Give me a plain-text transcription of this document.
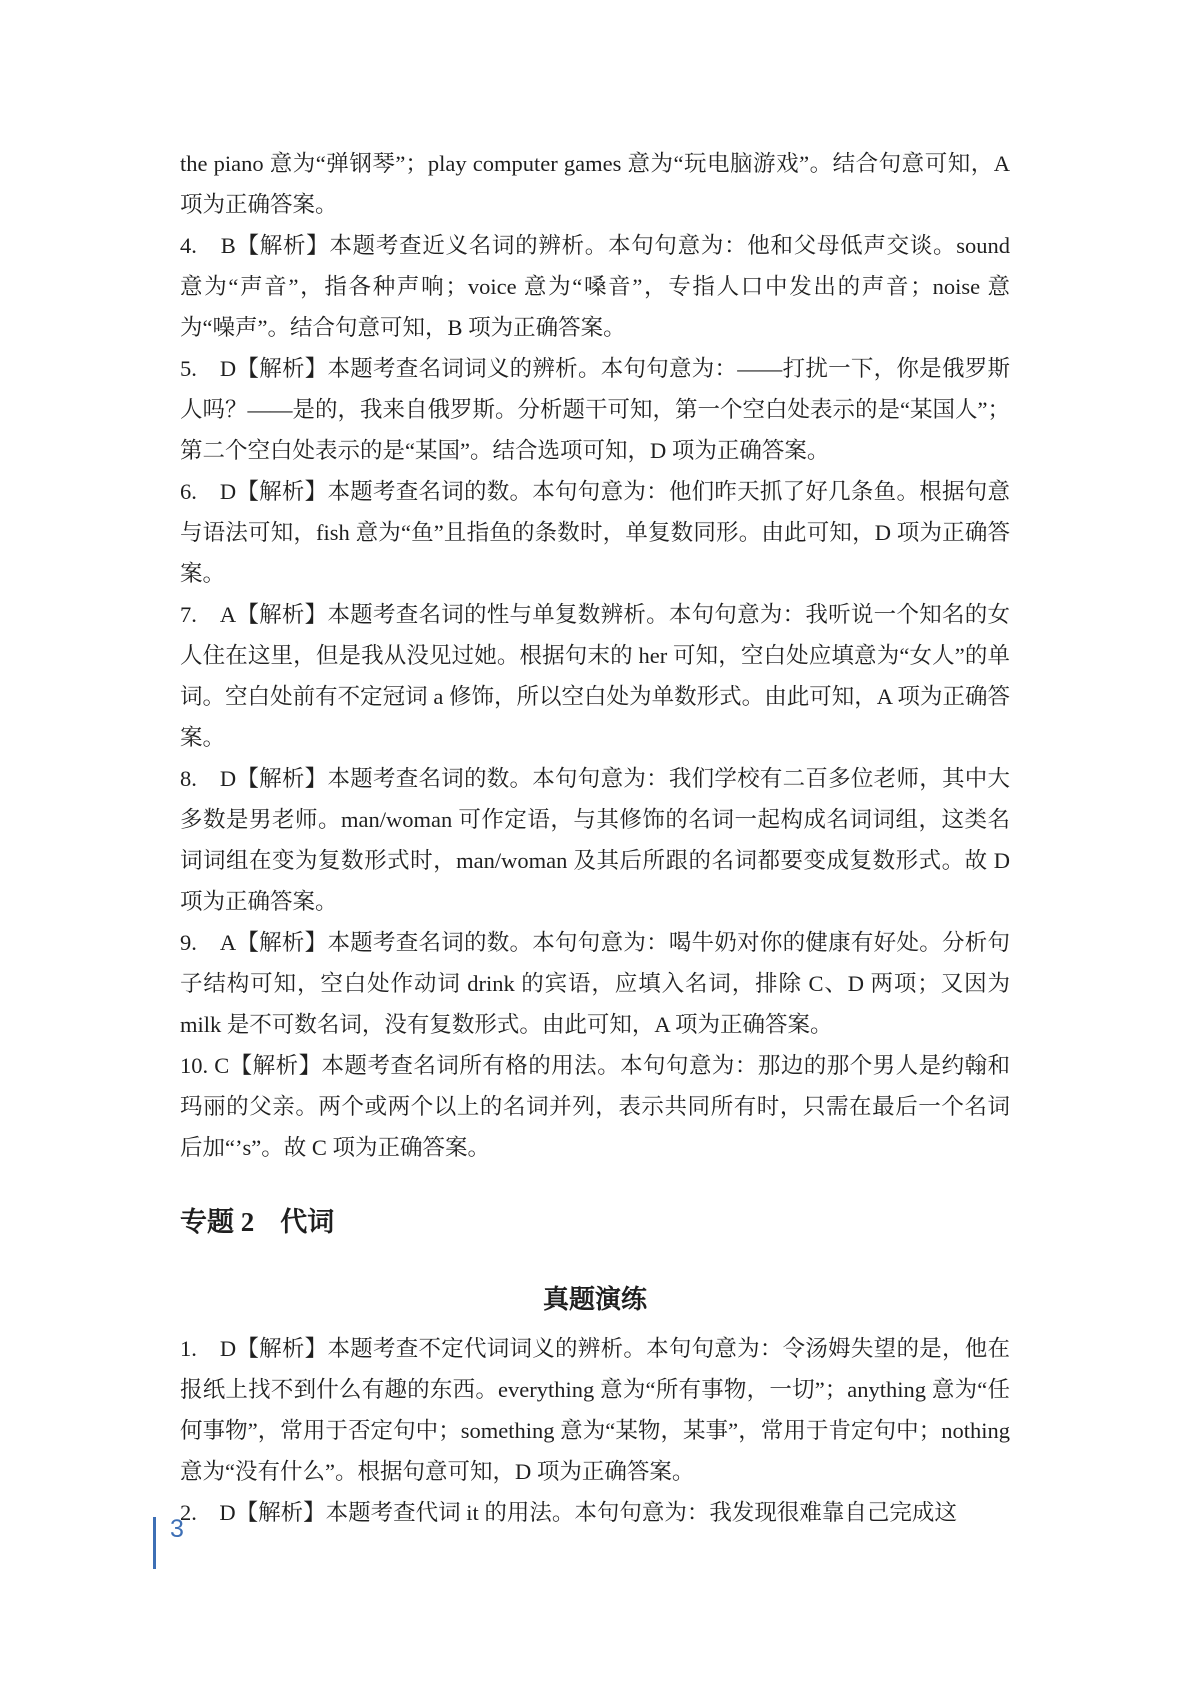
the piano 意为“弹钢琴”；play computer games 意为“玩电脑游戏”。结合句意可知，A 项为正确答案。

4.　B【解析】本题考查近义名词的辨析。本句句意为：他和父母低声交谈。sound 意为“声音”，指各种声响；voice 意为“嗓音”，专指人口中发出的声音；noise 意为“噪声”。结合句意可知，B 项为正确答案。

5.　D【解析】本题考查名词词义的辨析。本句句意为：——打扰一下，你是俄罗斯人吗？——是的，我来自俄罗斯。分析题干可知，第一个空白处表示的是“某国人”；第二个空白处表示的是“某国”。结合选项可知，D 项为正确答案。

6.　D【解析】本题考查名词的数。本句句意为：他们昨天抓了好几条鱼。根据句意与语法可知，fish 意为“鱼”且指鱼的条数时，单复数同形。由此可知，D 项为正确答案。

7.　A【解析】本题考查名词的性与单复数辨析。本句句意为：我听说一个知名的女人住在这里，但是我从没见过她。根据句末的 her 可知，空白处应填意为“女人”的单词。空白处前有不定冠词 a 修饰，所以空白处为单数形式。由此可知，A 项为正确答案。

8.　D【解析】本题考查名词的数。本句句意为：我们学校有二百多位老师，其中大多数是男老师。man/woman 可作定语，与其修饰的名词一起构成名词词组，这类名词词组在变为复数形式时，man/woman 及其后所跟的名词都要变成复数形式。故 D 项为正确答案。

9.　A【解析】本题考查名词的数。本句句意为：喝牛奶对你的健康有好处。分析句子结构可知，空白处作动词 drink 的宾语，应填入名词，排除 C、D 两项；又因为 milk 是不可数名词，没有复数形式。由此可知，A 项为正确答案。

10. C【解析】本题考查名词所有格的用法。本句句意为：那边的那个男人是约翰和玛丽的父亲。两个或两个以上的名词并列，表示共同所有时，只需在最后一个名词后加“’s”。故 C 项为正确答案。

专题 2 代词
真题演练

1.　D【解析】本题考查不定代词词义的辨析。本句句意为：令汤姆失望的是，他在报纸上找不到什么有趣的东西。everything 意为“所有事物，一切”；anything 意为“任何事物”，常用于否定句中；something 意为“某物，某事”，常用于肯定句中；nothing 意为“没有什么”。根据句意可知，D 项为正确答案。

2.　D【解析】本题考查代词 it 的用法。本句句意为：我发现很难靠自己完成这

3
